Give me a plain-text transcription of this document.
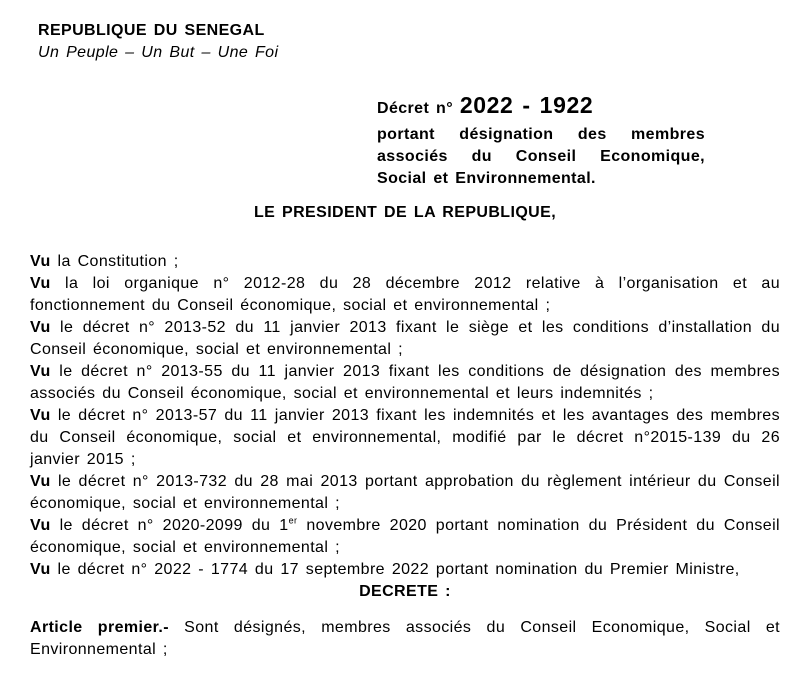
REPUBLIQUE DU SENEGAL
Un Peuple – Un But – Une Foi
Décret n° 2022 - 1922
portant désignation des membres associés du Conseil Economique, Social et Environnemental.
LE PRESIDENT DE LA REPUBLIQUE,

Vu la Constitution ;

Vu la loi organique n° 2012-28 du 28 décembre 2012 relative à l’organisation et au fonctionnement du Conseil économique, social et environnemental ;

Vu le décret n° 2013-52 du 11 janvier 2013 fixant le siège et les conditions d’installation du Conseil économique, social et environnemental ;

Vu le décret n° 2013-55 du 11 janvier 2013 fixant les conditions de désignation des membres associés du Conseil économique, social et environnemental et leurs indemnités ;

Vu le décret n° 2013-57 du 11 janvier 2013 fixant les indemnités et les avantages des membres du Conseil économique, social et environnemental, modifié par le décret n°2015-139 du 26 janvier 2015 ;

Vu le décret n° 2013-732 du 28 mai 2013 portant approbation du règlement intérieur du Conseil économique, social et environnemental ;

Vu le décret n° 2020-2099 du 1er novembre 2020 portant nomination du Président du Conseil économique, social et environnemental ;

Vu le décret n° 2022 - 1774 du 17 septembre 2022 portant nomination du Premier Ministre,

DECRETE :

Article premier.- Sont désignés, membres associés du Conseil Economique, Social et Environnemental ;
